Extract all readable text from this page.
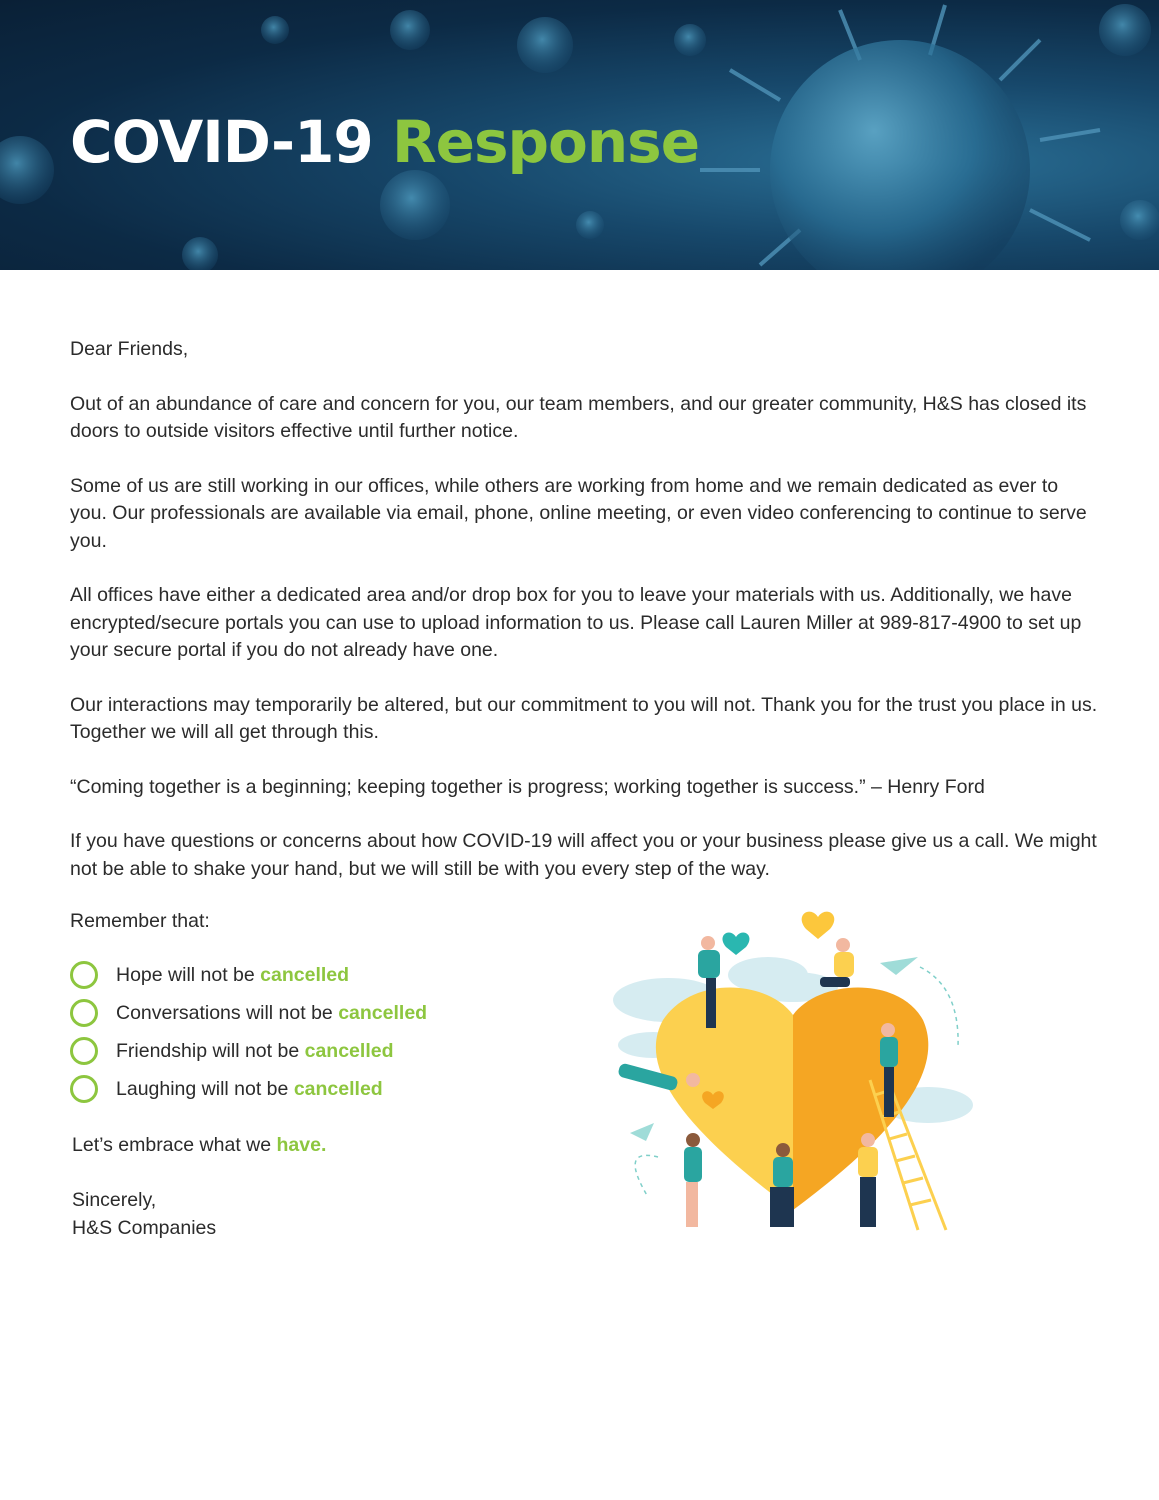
COVID-19 Response

Dear Friends,

Out of an abundance of care and concern for you, our team members, and our greater community, H&S has closed its doors to outside visitors effective until further notice.

Some of us are still working in our offices, while others are working from home and we remain dedicated as ever to you. Our professionals are available via email, phone, online meeting, or even video conferencing to continue to serve you.

All offices have either a dedicated area and/or drop box for you to leave your materials with us. Additionally, we have encrypted/secure portals you can use to upload information to us. Please call Lauren Miller at 989-817-4900 to set up your secure portal if you do not already have one.

Our interactions may temporarily be altered, but our commitment to you will not. Thank you for the trust you place in us. Together we will all get through this.

“Coming together is a beginning; keeping together is progress; working together is success.” – Henry Ford

If you have questions or concerns about how COVID-19 will affect you or your business please give us a call. We might not be able to shake your hand, but we will still be with you every step of the way.

Remember that:
Hope will not be
cancelled
Conversations will not be
cancelled
Friendship will not be
cancelled
Laughing will not be
cancelled
Let’s embrace what we have.
Sincerely,
H&S Companies
